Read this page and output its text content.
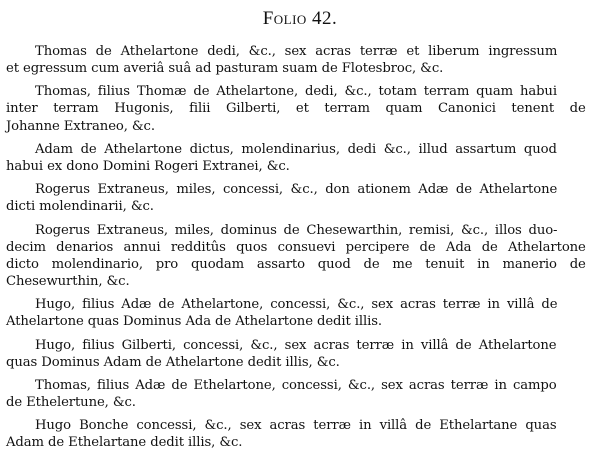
Folio 42.

Thomas de Athelartone dedi, &c., sex acras terræ et liberum ingressum
et egressum cum averiâ suâ ad pasturam suam de Flotesbroc, &c.

Thomas, filius Thomæ de Athelartone, dedi, &c., totam terram quam habui
inter terram Hugonis, filii Gilberti, et terram quam Canonici tenent de
Johanne Extraneo, &c.

Adam de Athelartone dictus, molendinarius, dedi &c., illud assartum quod
habui ex dono Domini Rogeri Extranei, &c.

Rogerus Extraneus, miles, concessi, &c., don ationem Adæ de Athelartone
dicti molendinarii, &c.

Rogerus Extraneus, miles, dominus de Chesewarthin, remisi, &c., illos duo-
decim denarios annui redditûs quos consuevi percipere de Ada de Athelartone
dicto molendinario, pro quodam assarto quod de me tenuit in manerio de
Chesewurthin, &c.

Hugo, filius Adæ de Athelartone, concessi, &c., sex acras terræ in villâ de
Athelartone quas Dominus Ada de Athelartone dedit illis.

Hugo, filius Gilberti, concessi, &c., sex acras terræ in villâ de Athelartone
quas Dominus Adam de Athelartone dedit illis, &c.

Thomas, filius Adæ de Ethelartone, concessi, &c., sex acras terræ in campo
de Ethelertune, &c.

Hugo Bonche concessi, &c., sex acras terræ in villâ de Ethelartane quas
Adam de Ethelartane dedit illis, &c.
